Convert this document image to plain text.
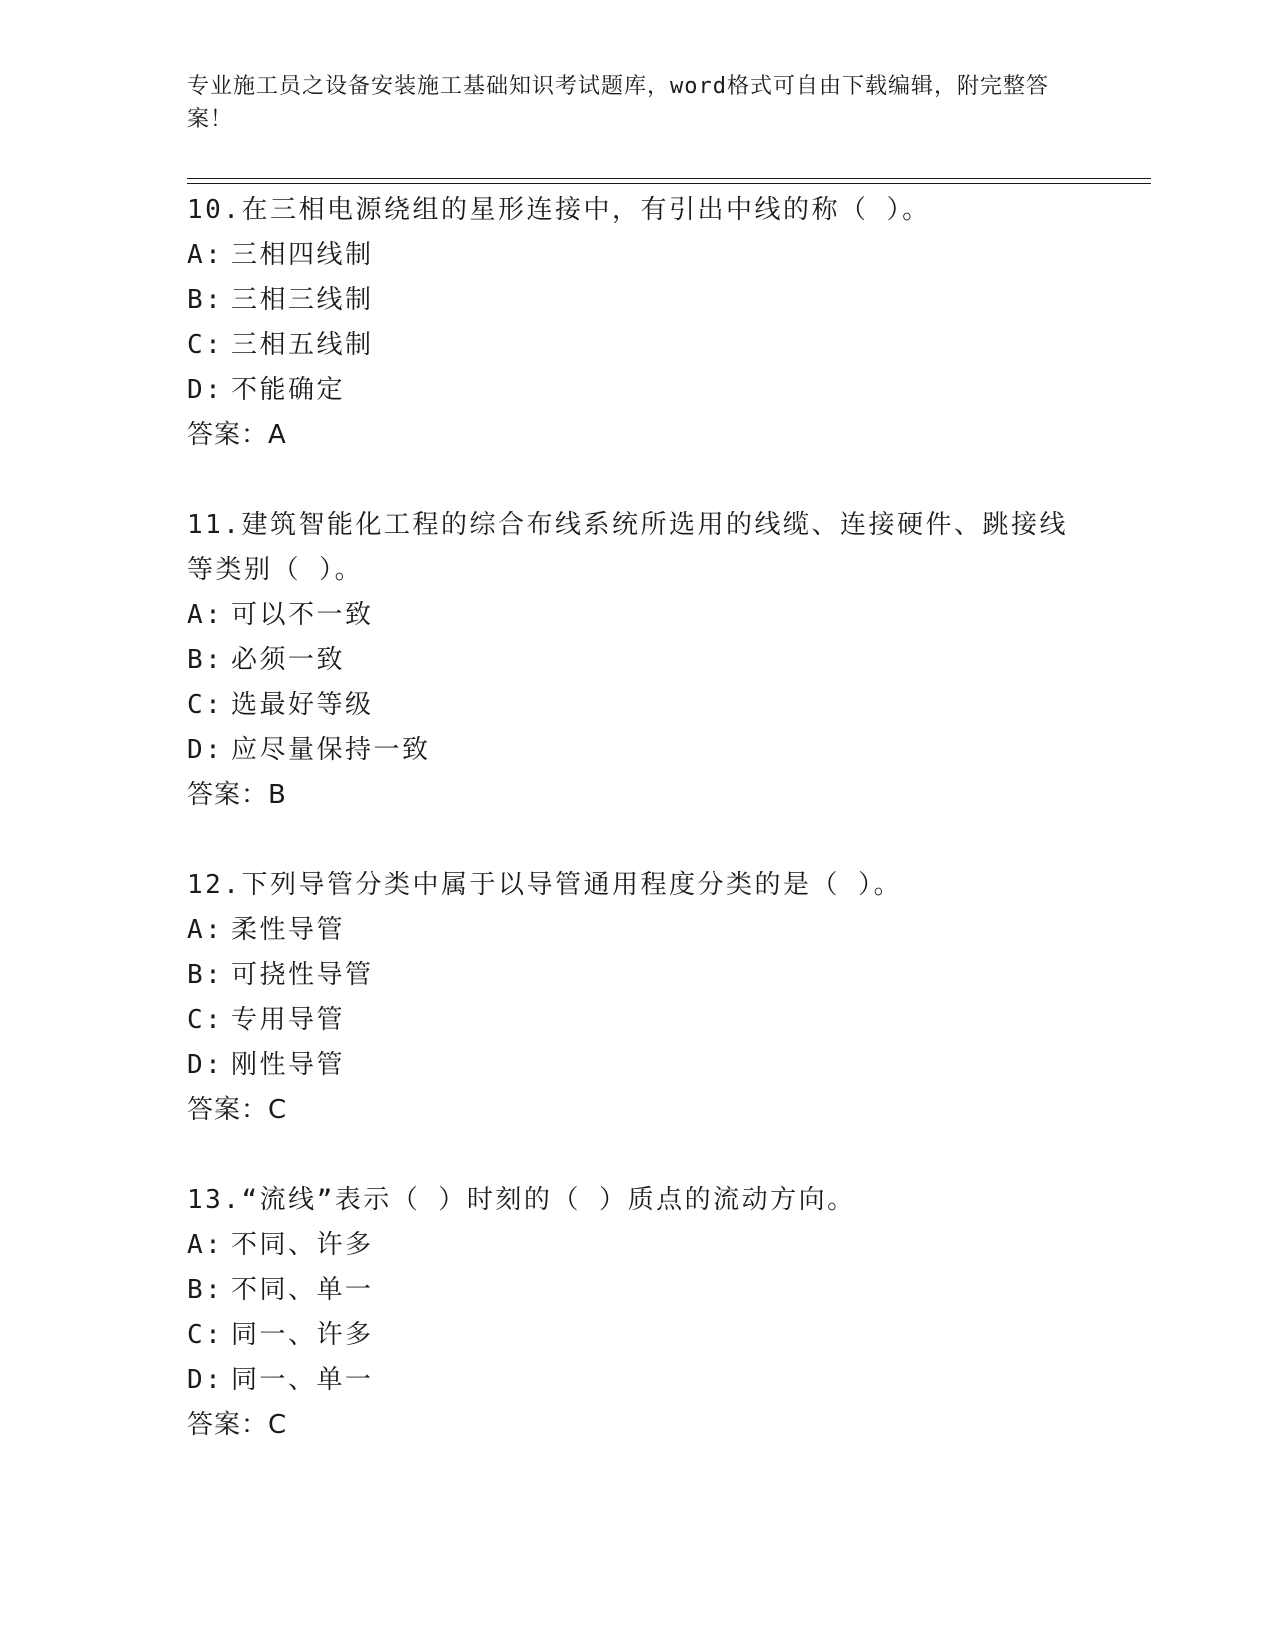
专业施工员之设备安装施工基础知识考试题库，word格式可自由下载编辑，附完整答案！
10.在三相电源绕组的星形连接中，有引出中线的称（ ）。
A: 三相四线制
B: 三相三线制
C: 三相五线制
D: 不能确定
答案：A
11.建筑智能化工程的综合布线系统所选用的线缆、连接硬件、跳接线等类别（ ）。
A: 可以不一致
B: 必须一致
C: 选最好等级
D: 应尽量保持一致
答案：B
12.下列导管分类中属于以导管通用程度分类的是（ ）。
A: 柔性导管
B: 可挠性导管
C: 专用导管
D: 刚性导管
答案：C
13.“流线”表示（ ）时刻的（ ）质点的流动方向。
A: 不同、许多
B: 不同、单一
C: 同一、许多
D: 同一、单一
答案：C
